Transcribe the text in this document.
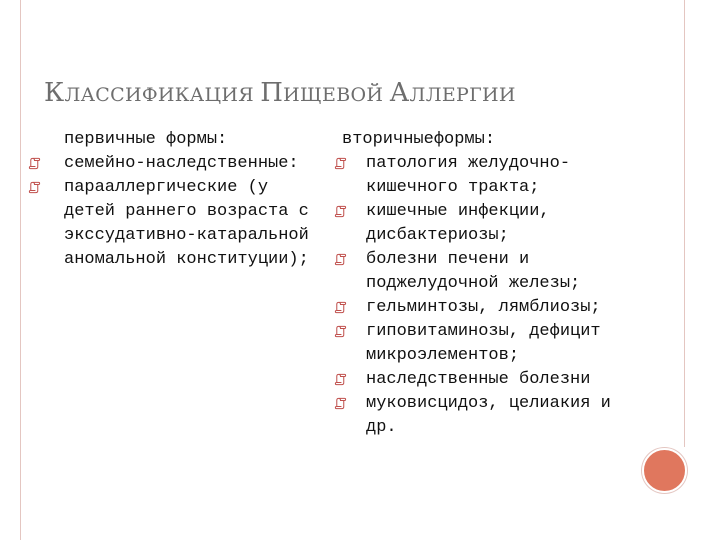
КЛАССИФИКАЦИЯ ПИЩЕВОЙ АЛЛЕРГИИ
первичные формы:
семейно-наследственные:
парааллергические (у детей раннего возраста с экссудативно-катаральной аномальной конституции);
вторичныеформы:
патология желудочно-кишечного тракта;
кишечные инфекции, дисбактериозы;
болезни печени и поджелудочной железы;
гельминтозы, лямблиозы;
гиповитаминозы, дефицит микроэлементов;
наследственные болезни
муковисцидоз, целиакия и др.
